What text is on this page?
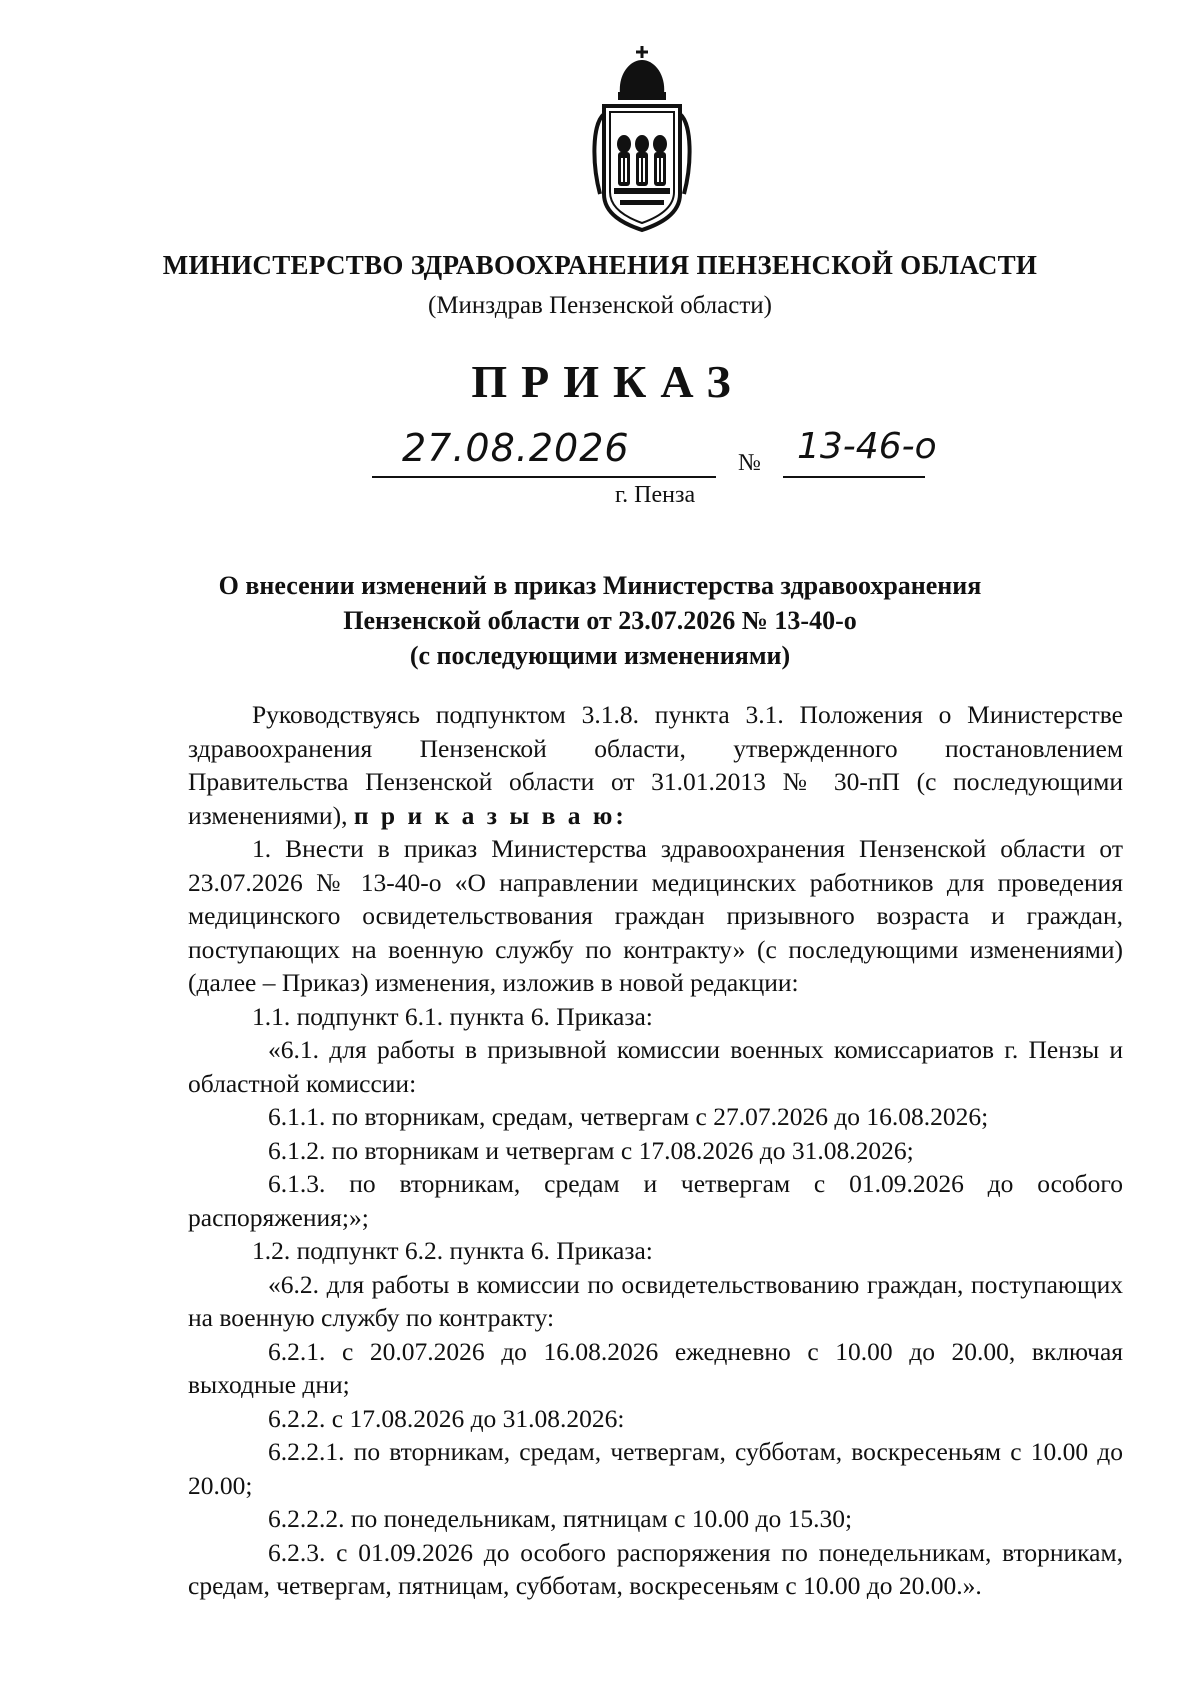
МИНИСТЕРСТВО ЗДРАВООХРАНЕНИЯ ПЕНЗЕНСКОЙ ОБЛАСТИ
(Минздрав Пензенской области)
ПРИКАЗ
27.08.2026	№ 13-46-о
г. Пенза
О внесении изменений в приказ Министерства здравоохранения
Пензенской области от 23.07.2026 № 13-40-о
(с последующими изменениями)

Руководствуясь подпунктом 3.1.8. пункта 3.1. Положения о Министерстве здравоохранения Пензенской области, утвержденного постановлением Правительства Пензенской области от 31.01.2013 № 30-пП (с последующими изменениями), п р и к а з ы в а ю:

1. Внести в приказ Министерства здравоохранения Пензенской области от 23.07.2026 № 13-40-о «О направлении медицинских работников для проведения медицинского освидетельствования граждан призывного возраста и граждан, поступающих на военную службу по контракту» (с последующими изменениями) (далее – Приказ) изменения, изложив в новой редакции:

1.1. подпункт 6.1. пункта 6. Приказа:

«6.1. для работы в призывной комиссии военных комиссариатов г. Пензы и областной комиссии:

6.1.1. по вторникам, средам, четвергам с 27.07.2026 до 16.08.2026;

6.1.2. по вторникам и четвергам с 17.08.2026 до 31.08.2026;

6.1.3. по вторникам, средам и четвергам с 01.09.2026 до особого распоряжения;»;

1.2. подпункт 6.2. пункта 6. Приказа:

«6.2. для работы в комиссии по освидетельствованию граждан, поступающих на военную службу по контракту:

6.2.1. с 20.07.2026 до 16.08.2026 ежедневно с 10.00 до 20.00, включая выходные дни;

6.2.2. с 17.08.2026 до 31.08.2026:

6.2.2.1. по вторникам, средам, четвергам, субботам, воскресеньям с 10.00 до 20.00;

6.2.2.2. по понедельникам, пятницам с 10.00 до 15.30;

6.2.3. с 01.09.2026 до особого распоряжения по понедельникам, вторникам, средам, четвергам, пятницам, субботам, воскресеньям с 10.00 до 20.00.».
